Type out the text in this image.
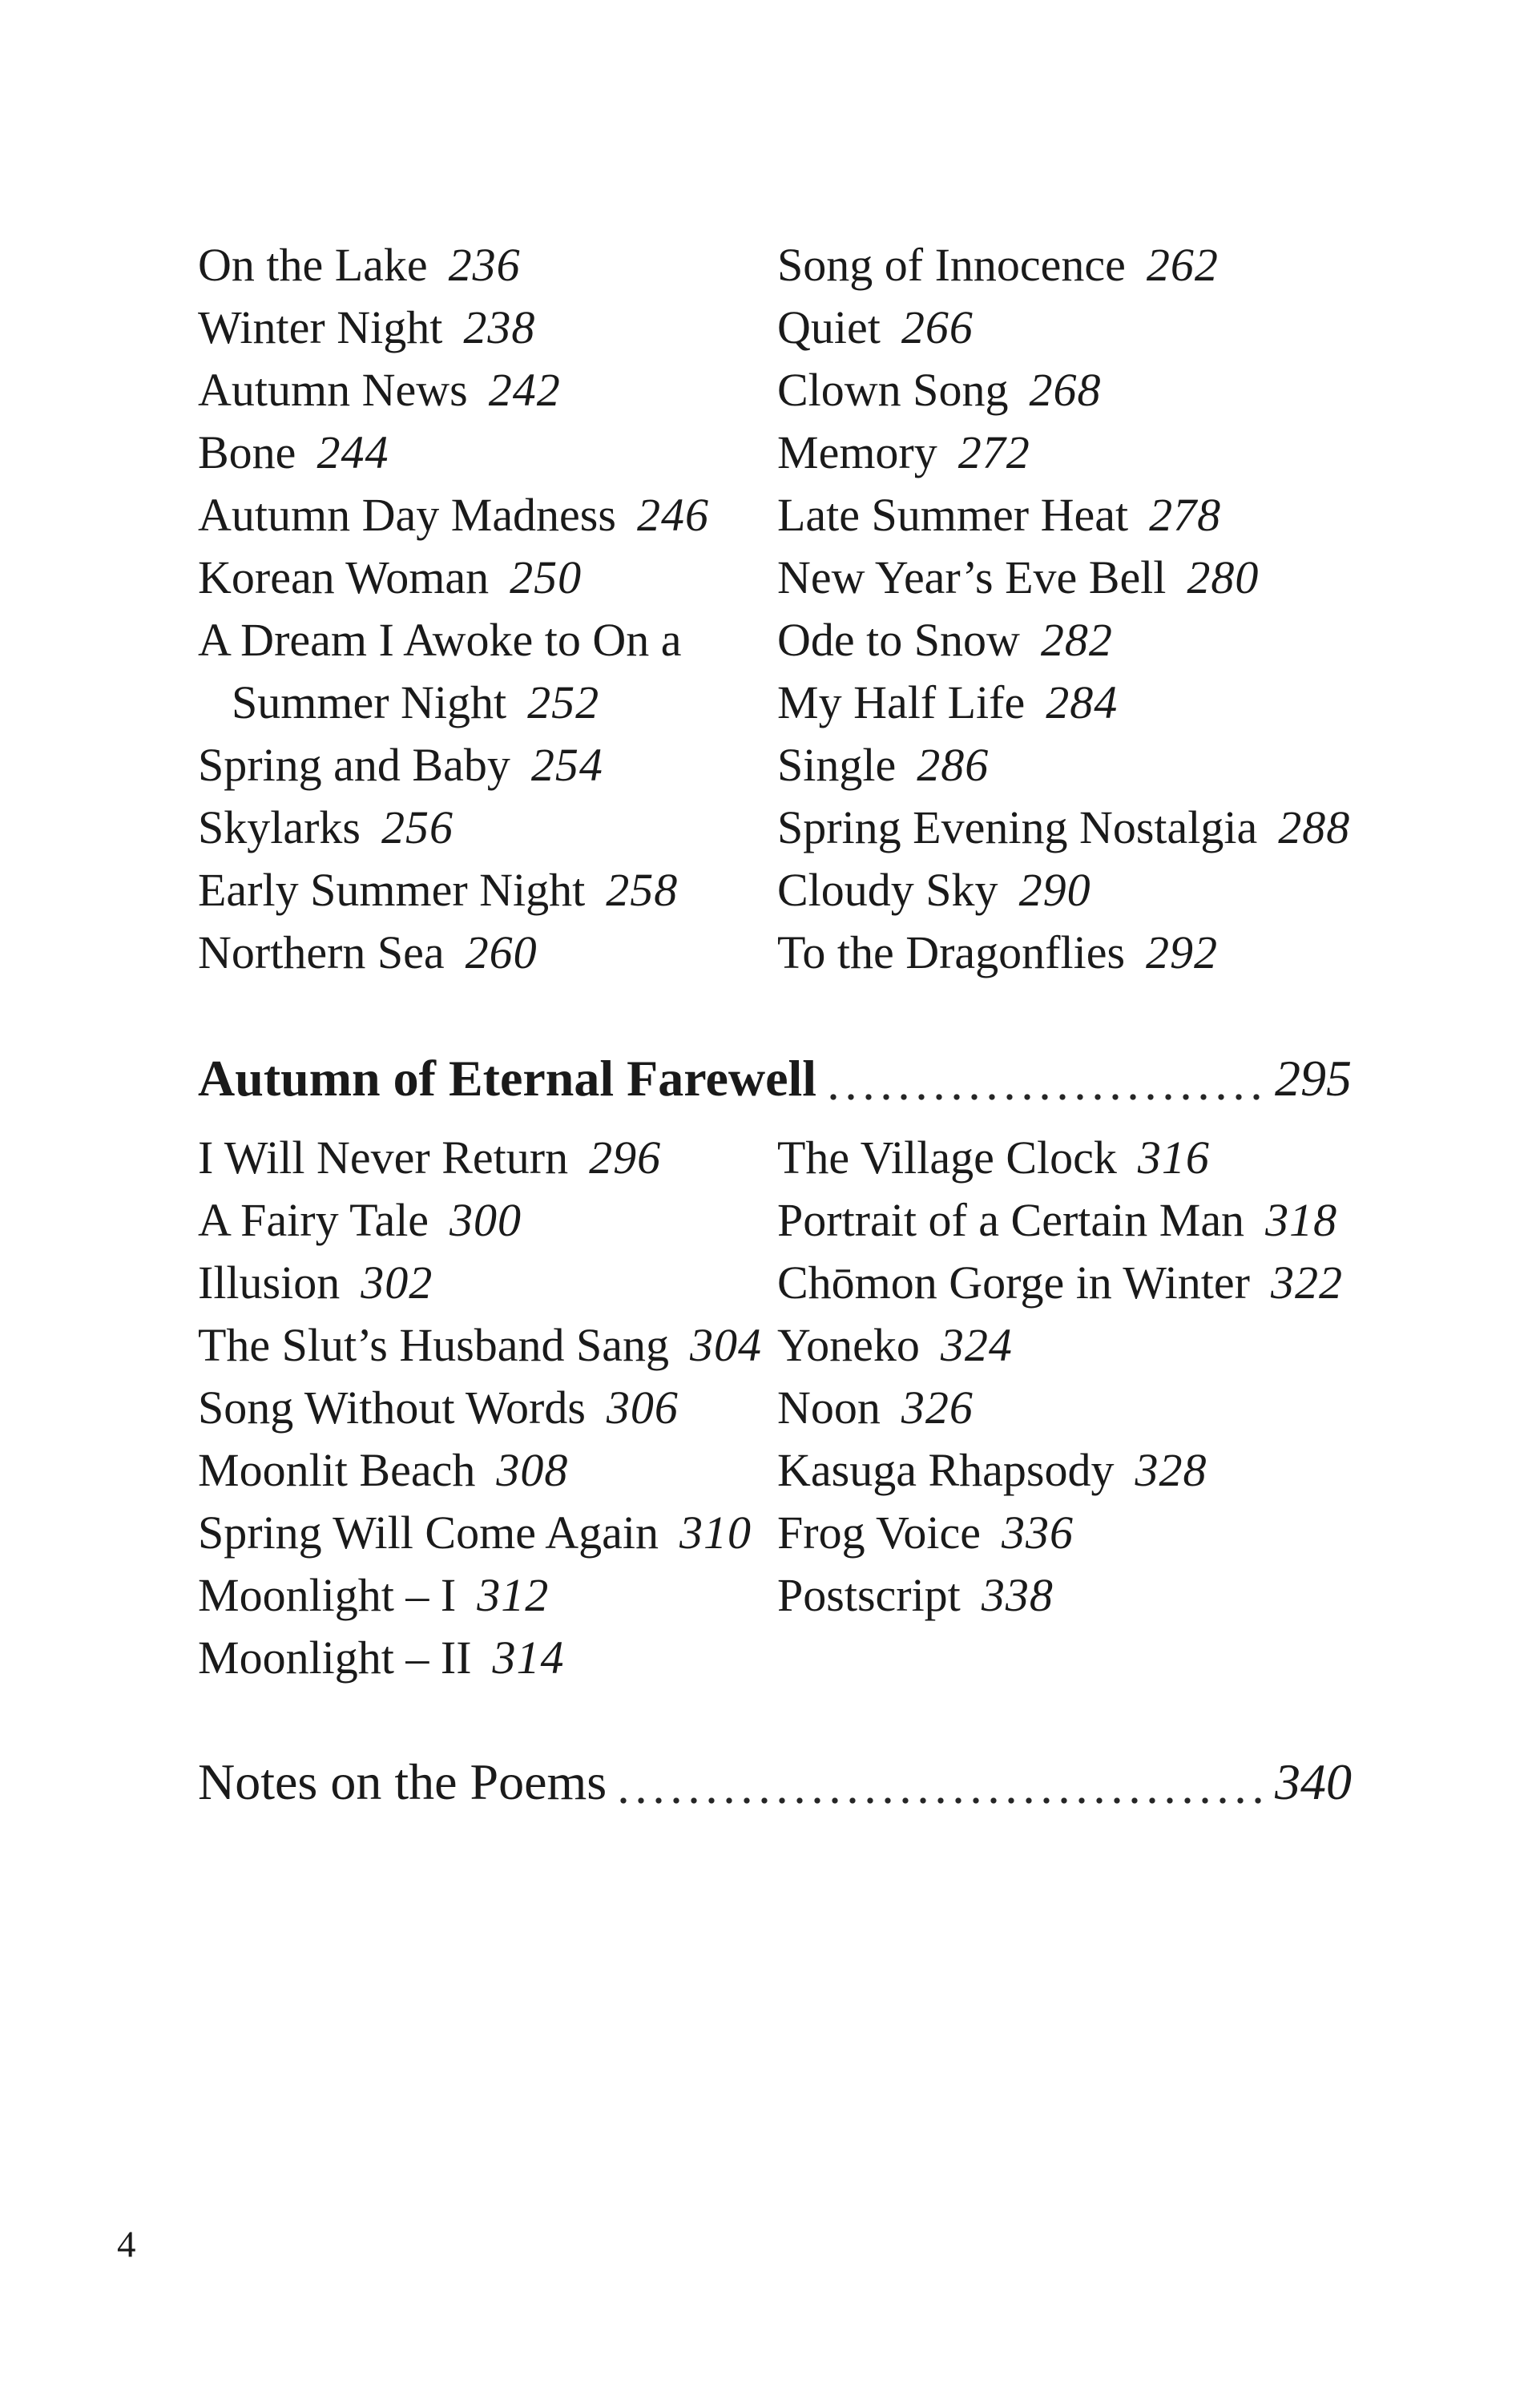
On the Lake 236
Winter Night 238
Autumn News 242
Bone 244
Autumn Day Madness 246
Korean Woman 250
A Dream I Awoke to On a Summer Night 252
Spring and Baby 254
Skylarks 256
Early Summer Night 258
Northern Sea 260
Song of Innocence 262
Quiet 266
Clown Song 268
Memory 272
Late Summer Heat 278
New Year’s Eve Bell 280
Ode to Snow 282
My Half Life 284
Single 286
Spring Evening Nostalgia 288
Cloudy Sky 290
To the Dragonflies 292
Autumn of Eternal Farewell	295
I Will Never Return 296
A Fairy Tale 300
Illusion 302
The Slut’s Husband Sang 304
Song Without Words 306
Moonlit Beach 308
Spring Will Come Again 310
Moonlight – I 312
Moonlight – II 314
The Village Clock 316
Portrait of a Certain Man 318
Chōmon Gorge in Winter 322
Yoneko 324
Noon 326
Kasuga Rhapsody 328
Frog Voice 336
Postscript 338
Notes on the Poems	340
4
